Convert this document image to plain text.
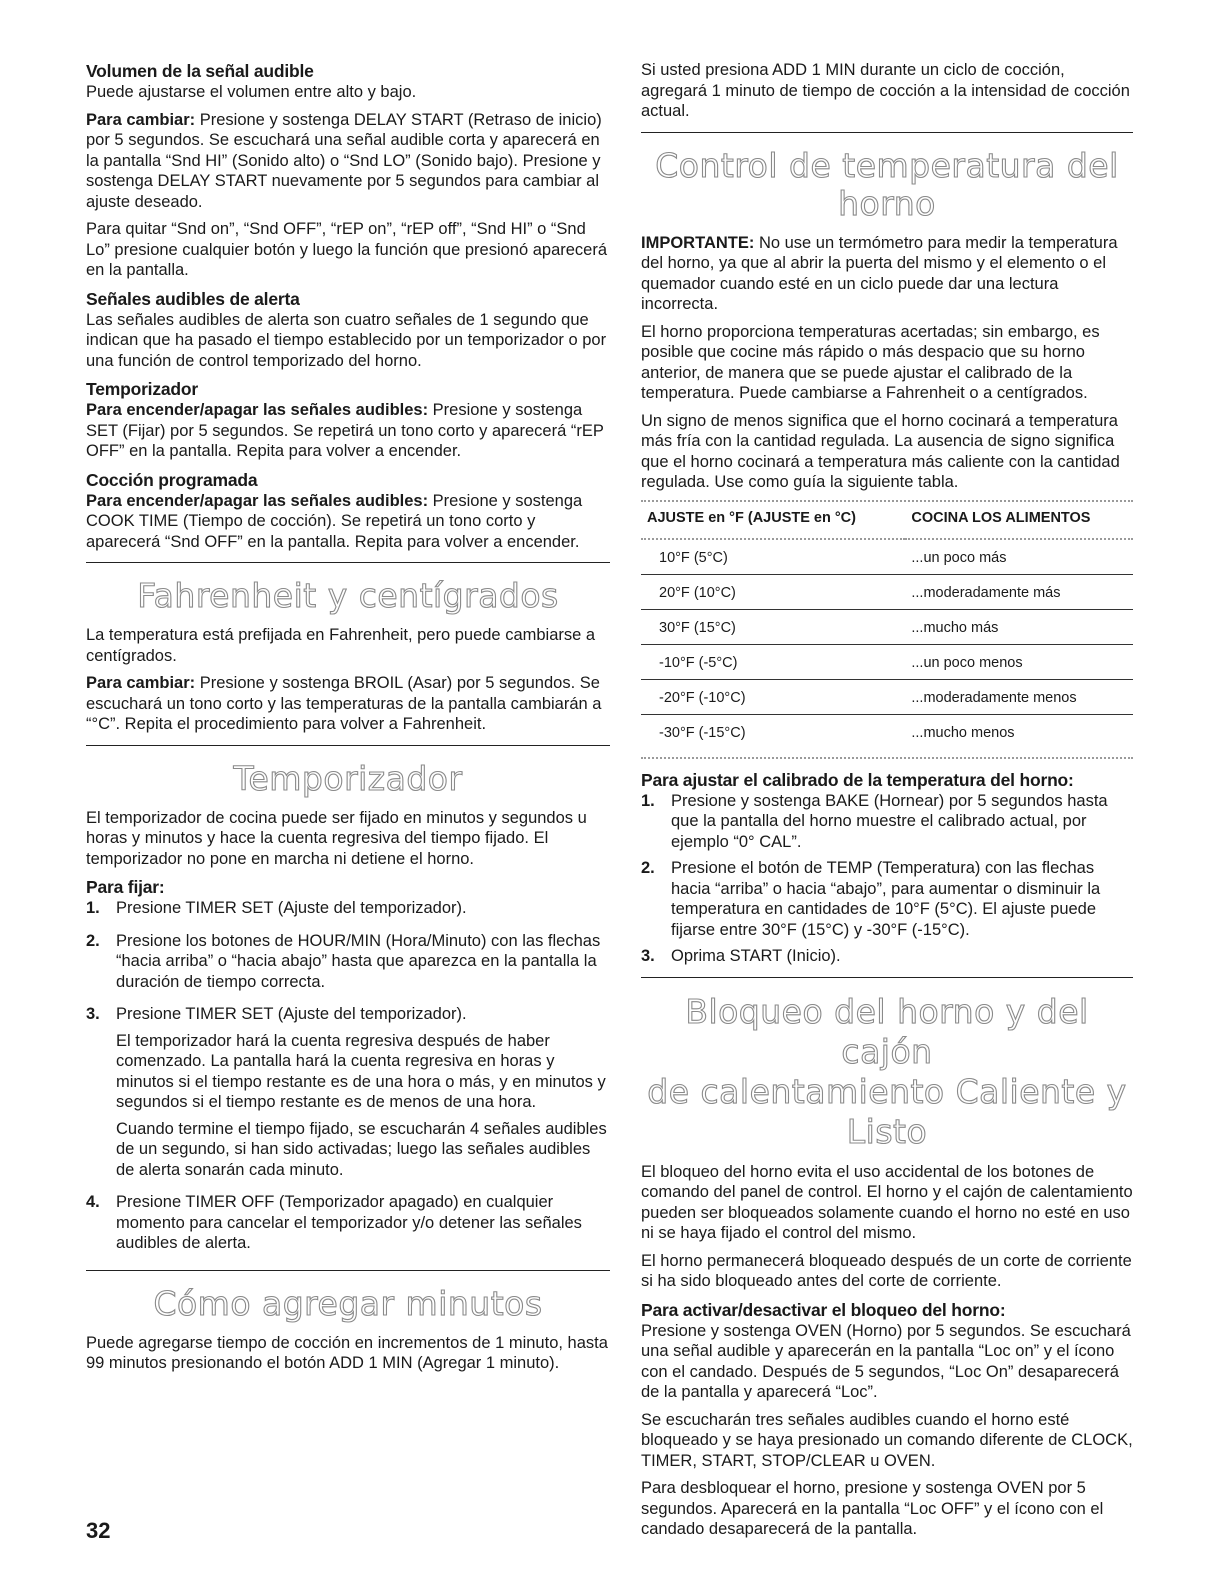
Volumen de la señal audible

Puede ajustarse el volumen entre alto y bajo.

Para cambiar: Presione y sostenga DELAY START (Retraso de inicio) por 5 segundos. Se escuchará una señal audible corta y aparecerá en la pantalla “Snd HI” (Sonido alto) o “Snd LO” (Sonido bajo). Presione y sostenga DELAY START nuevamente por 5 segundos para cambiar al ajuste deseado.

Para quitar “Snd on”, “Snd OFF”, “rEP on”, “rEP off”, “Snd HI” o “Snd Lo” presione cualquier botón y luego la función que presionó aparecerá en la pantalla.

Señales audibles de alerta

Las señales audibles de alerta son cuatro señales de 1 segundo que indican que ha pasado el tiempo establecido por un temporizador o por una función de control temporizado del horno.

Temporizador

Para encender/apagar las señales audibles: Presione y sostenga SET (Fijar) por 5 segundos. Se repetirá un tono corto y aparecerá “rEP OFF” en la pantalla. Repita para volver a encender.

Cocción programada

Para encender/apagar las señales audibles: Presione y sostenga COOK TIME (Tiempo de cocción). Se repetirá un tono corto y aparecerá “Snd OFF” en la pantalla. Repita para volver a encender.

Fahrenheit y centígrados

La temperatura está prefijada en Fahrenheit, pero puede cambiarse a centígrados.

Para cambiar: Presione y sostenga BROIL (Asar) por 5 segundos. Se escuchará un tono corto y las temperaturas de la pantalla cambiarán a “°C”. Repita el procedimiento para volver a Fahrenheit.

Temporizador

El temporizador de cocina puede ser fijado en minutos y segundos u horas y minutos y hace la cuenta regresiva del tiempo fijado. El temporizador no pone en marcha ni detiene el horno.

Para fijar:
1. Presione TIMER SET (Ajuste del temporizador).

2. Presione los botones de HOUR/MIN (Hora/Minuto) con las flechas “hacia arriba” o “hacia abajo” hasta que aparezca en la pantalla la duración de tiempo correcta.

3. Presione TIMER SET (Ajuste del temporizador).

El temporizador hará la cuenta regresiva después de haber comenzado. La pantalla hará la cuenta regresiva en horas y minutos si el tiempo restante es de una hora o más, y en minutos y segundos si el tiempo restante es de menos de una hora.

Cuando termine el tiempo fijado, se escucharán 4 señales audibles de un segundo, si han sido activadas; luego las señales audibles de alerta sonarán cada minuto.

4. Presione TIMER OFF (Temporizador apagado) en cualquier momento para cancelar el temporizador y/o detener las señales audibles de alerta.

Cómo agregar minutos

Puede agregarse tiempo de cocción en incrementos de 1 minuto, hasta 99 minutos presionando el botón ADD 1 MIN (Agregar 1 minuto).

Si usted presiona ADD 1 MIN durante un ciclo de cocción, agregará 1 minuto de tiempo de cocción a la intensidad de cocción actual.

Control de temperatura del horno

IMPORTANTE: No use un termómetro para medir la temperatura del horno, ya que al abrir la puerta del mismo y el elemento o el quemador cuando esté en un ciclo puede dar una lectura incorrecta.

El horno proporciona temperaturas acertadas; sin embargo, es posible que cocine más rápido o más despacio que su horno anterior, de manera que se puede ajustar el calibrado de la temperatura. Puede cambiarse a Fahrenheit o a centígrados.

Un signo de menos significa que el horno cocinará a temperatura más fría con la cantidad regulada. La ausencia de signo significa que el horno cocinará a temperatura más caliente con la cantidad regulada. Use como guía la siguiente tabla.

AJUSTE en °F (AJUSTE en °C)	COCINA LOS ALIMENTOS
10°F (5°C)	...un poco más
20°F (10°C)	...moderadamente más
30°F (15°C)	...mucho más
-10°F (-5°C)	...un poco menos
-20°F (-10°C)	...moderadamente menos
-30°F (-15°C)	...mucho menos
Para ajustar el calibrado de la temperatura del horno:
1. Presione y sostenga BAKE (Hornear) por 5 segundos hasta que la pantalla del horno muestre el calibrado actual, por ejemplo “0° CAL”.
2. Presione el botón de TEMP (Temperatura) con las flechas hacia “arriba” o hacia “abajo”, para aumentar o disminuir la temperatura en cantidades de 10°F (5°C). El ajuste puede fijarse entre 30°F (15°C) y -30°F (-15°C).
3. Oprima START (Inicio).
Bloqueo del horno y del cajón
de calentamiento Caliente y Listo

El bloqueo del horno evita el uso accidental de los botones de comando del panel de control. El horno y el cajón de calentamiento pueden ser bloqueados solamente cuando el horno no esté en uso ni se haya fijado el control del mismo.

El horno permanecerá bloqueado después de un corte de corriente si ha sido bloqueado antes del corte de corriente.

Para activar/desactivar el bloqueo del horno:

Presione y sostenga OVEN (Horno) por 5 segundos. Se escuchará una señal audible y aparecerán en la pantalla “Loc on” y el ícono con el candado. Después de 5 segundos, “Loc On” desaparecerá de la pantalla y aparecerá “Loc”.

Se escucharán tres señales audibles cuando el horno esté bloqueado y se haya presionado un comando diferente de CLOCK, TIMER, START, STOP/CLEAR u OVEN.

Para desbloquear el horno, presione y sostenga OVEN por 5 segundos. Aparecerá en la pantalla “Loc OFF” y el ícono con el candado desaparecerá de la pantalla.

32
